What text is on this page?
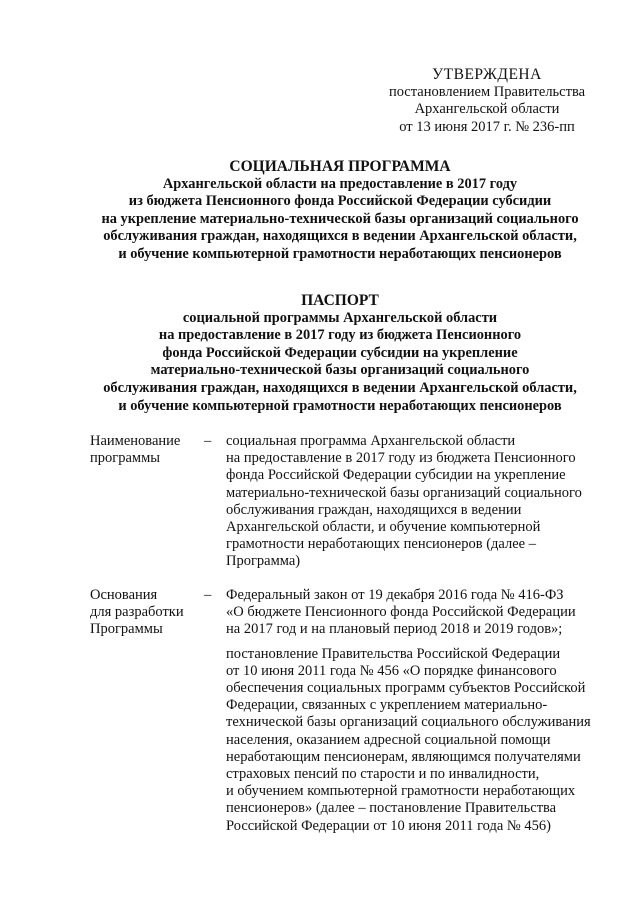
УТВЕРЖДЕНА
постановлением Правительства
Архангельской области
от 13 июня 2017 г. № 236-пп
СОЦИАЛЬНАЯ ПРОГРАММА
Архангельской области на предоставление в 2017 году
из бюджета Пенсионного фонда Российской Федерации субсидии
на укрепление материально-технической базы организаций социального
обслуживания граждан, находящихся в ведении Архангельской области,
и обучение компьютерной грамотности неработающих пенсионеров
ПАСПОРТ
социальной программы Архангельской области
на предоставление в 2017 году из бюджета Пенсионного
фонда Российской Федерации субсидии на укрепление
материально-технической базы организаций социального
обслуживания граждан, находящихся в ведении Архангельской области,
и обучение компьютерной грамотности неработающих пенсионеров
Наименование
программы
– социальная программа Архангельской области
на предоставление в 2017 году из бюджета Пенсионного
фонда Российской Федерации субсидии на укрепление
материально-технической базы организаций социального
обслуживания граждан, находящихся в ведении
Архангельской области, и обучение компьютерной
грамотности неработающих пенсионеров (далее –
Программа)
Основания
для разработки
Программы
– Федеральный закон от 19 декабря 2016 года № 416-ФЗ
«О бюджете Пенсионного фонда Российской Федерации
на 2017 год и на плановый период 2018 и 2019 годов»;
постановление Правительства Российской Федерации
от 10 июня 2011 года № 456 «О порядке финансового
обеспечения социальных программ субъектов Российской
Федерации, связанных с укреплением материально-
технической базы организаций социального обслуживания
населения, оказанием адресной социальной помощи
неработающим пенсионерам, являющимся получателями
страховых пенсий по старости и по инвалидности,
и обучением компьютерной грамотности неработающих
пенсионеров» (далее – постановление Правительства
Российской Федерации от 10 июня 2011 года № 456)
